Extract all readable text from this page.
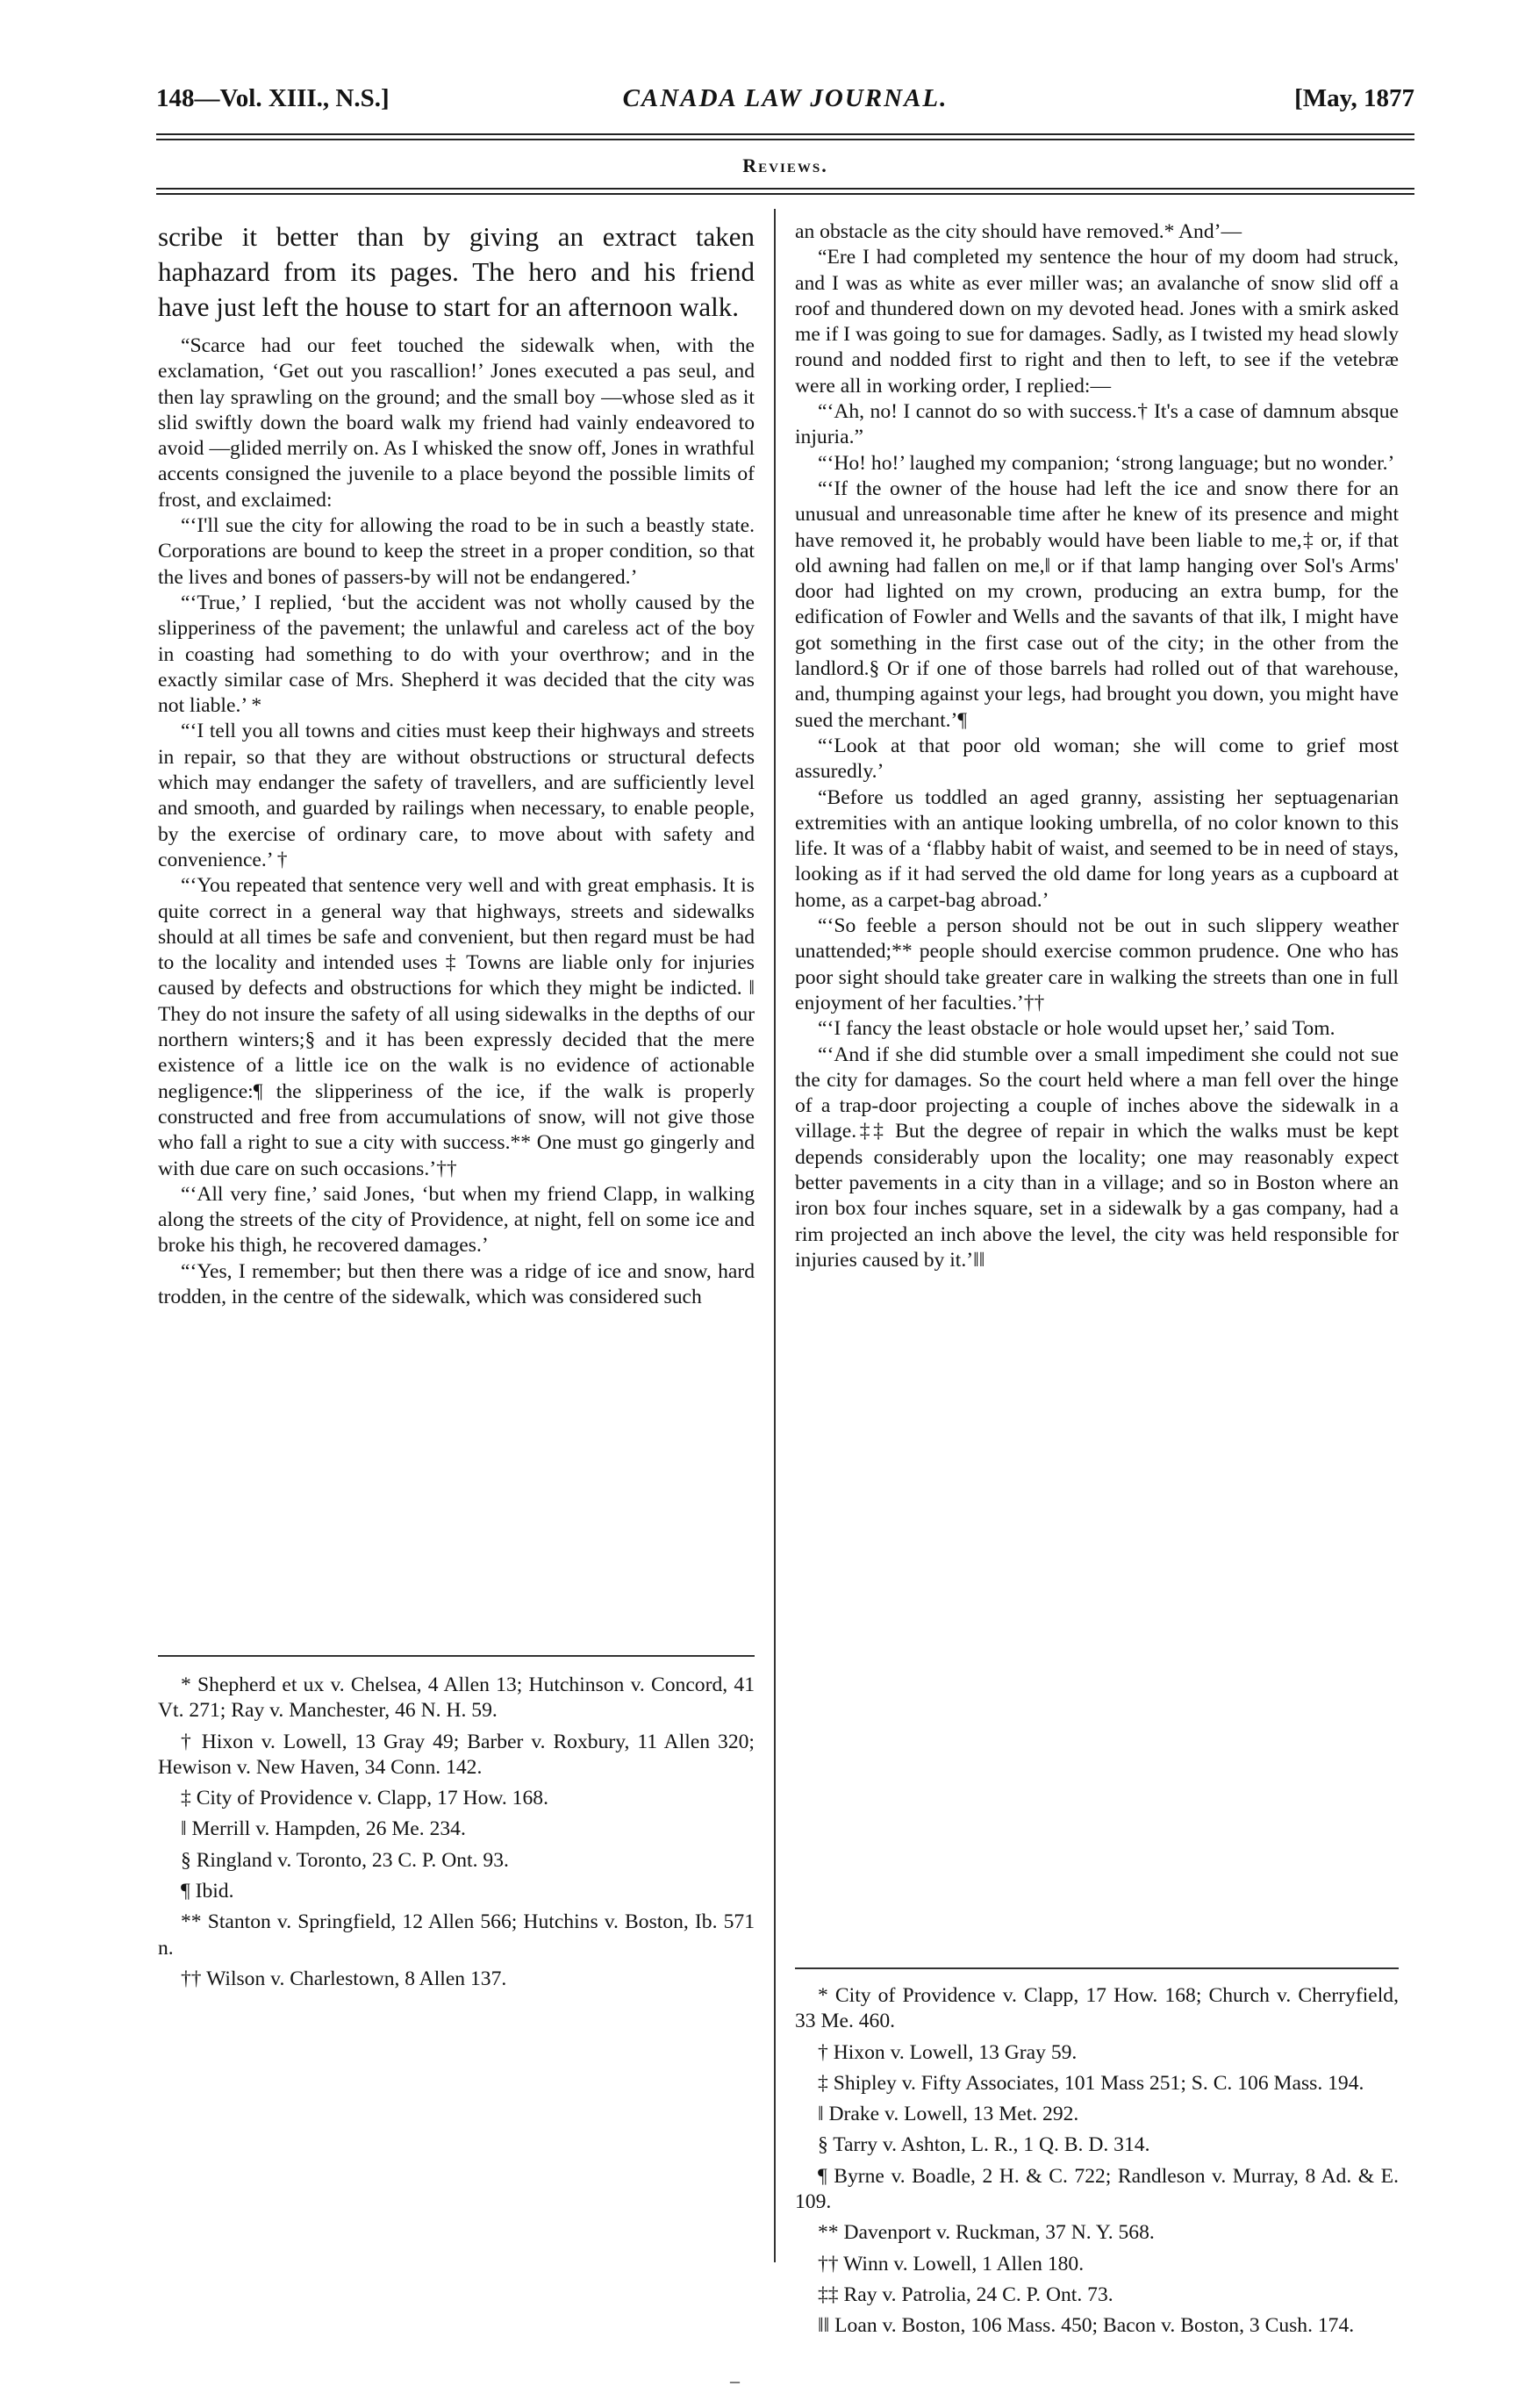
148—Vol. XIII., N.S.]	CANADA LAW JOURNAL.	[May, 1877
Reviews.

scribe it better than by giving an extract taken haphazard from its pages. The hero and his friend have just left the house to start for an afternoon walk.

“Scarce had our feet touched the sidewalk when, with the exclamation, ‘Get out you rascallion!’ Jones executed a pas seul, and then lay sprawling on the ground; and the small boy —whose sled as it slid swiftly down the board walk my friend had vainly endeavored to avoid —glided merrily on. As I whisked the snow off, Jones in wrathful accents consigned the juvenile to a place beyond the possible limits of frost, and exclaimed:

“‘I'll sue the city for allowing the road to be in such a beastly state. Corporations are bound to keep the street in a proper condition, so that the lives and bones of passers-by will not be endangered.’

“‘True,’ I replied, ‘but the accident was not wholly caused by the slipperiness of the pavement; the unlawful and careless act of the boy in coasting had something to do with your overthrow; and in the exactly similar case of Mrs. Shepherd it was decided that the city was not liable.’ *

“‘I tell you all towns and cities must keep their highways and streets in repair, so that they are without obstructions or structural defects which may endanger the safety of travellers, and are sufficiently level and smooth, and guarded by railings when necessary, to enable people, by the exercise of ordinary care, to move about with safety and convenience.’ †

“‘You repeated that sentence very well and with great emphasis. It is quite correct in a general way that highways, streets and sidewalks should at all times be safe and convenient, but then regard must be had to the locality and intended uses ‡ Towns are liable only for injuries caused by defects and obstructions for which they might be indicted. ‖ They do not insure the safety of all using sidewalks in the depths of our northern winters;§ and it has been expressly decided that the mere existence of a little ice on the walk is no evidence of actionable negligence:¶ the slipperiness of the ice, if the walk is properly constructed and free from accumulations of snow, will not give those who fall a right to sue a city with success.** One must go gingerly and with due care on such occasions.’††

“‘All very fine,’ said Jones, ‘but when my friend Clapp, in walking along the streets of the city of Providence, at night, fell on some ice and broke his thigh, he recovered damages.’

“‘Yes, I remember; but then there was a ridge of ice and snow, hard trodden, in the centre of the sidewalk, which was considered such

an obstacle as the city should have removed.* And’—

“Ere I had completed my sentence the hour of my doom had struck, and I was as white as ever miller was; an avalanche of snow slid off a roof and thundered down on my devoted head. Jones with a smirk asked me if I was going to sue for damages. Sadly, as I twisted my head slowly round and nodded first to right and then to left, to see if the vetebræ were all in working order, I replied:—

“‘Ah, no! I cannot do so with success.† It's a case of damnum absque injuria.”

“‘Ho! ho!’ laughed my companion; ‘strong language; but no wonder.’

“‘If the owner of the house had left the ice and snow there for an unusual and unreasonable time after he knew of its presence and might have removed it, he probably would have been liable to me,‡ or, if that old awning had fallen on me,‖ or if that lamp hanging over Sol's Arms' door had lighted on my crown, producing an extra bump, for the edification of Fowler and Wells and the savants of that ilk, I might have got something in the first case out of the city; in the other from the landlord.§ Or if one of those barrels had rolled out of that warehouse, and, thumping against your legs, had brought you down, you might have sued the merchant.’¶

“‘Look at that poor old woman; she will come to grief most assuredly.’

“Before us toddled an aged granny, assisting her septuagenarian extremities with an antique looking umbrella, of no color known to this life. It was of a ‘flabby habit of waist, and seemed to be in need of stays, looking as if it had served the old dame for long years as a cupboard at home, as a carpet-bag abroad.’

“‘So feeble a person should not be out in such slippery weather unattended;** people should exercise common prudence. One who has poor sight should take greater care in walking the streets than one in full enjoyment of her faculties.’††

“‘I fancy the least obstacle or hole would upset her,’ said Tom.

“‘And if she did stumble over a small impediment she could not sue the city for damages. So the court held where a man fell over the hinge of a trap-door projecting a couple of inches above the sidewalk in a village.‡‡ But the degree of repair in which the walks must be kept depends considerably upon the locality; one may reasonably expect better pavements in a city than in a village; and so in Boston where an iron box four inches square, set in a sidewalk by a gas company, had a rim projected an inch above the level, the city was held responsible for injuries caused by it.’‖‖

* Shepherd et ux v. Chelsea, 4 Allen 13; Hutchinson v. Concord, 41 Vt. 271; Ray v. Manchester, 46 N. H. 59.

† Hixon v. Lowell, 13 Gray 49; Barber v. Roxbury, 11 Allen 320; Hewison v. New Haven, 34 Conn. 142.

‡ City of Providence v. Clapp, 17 How. 168.

‖ Merrill v. Hampden, 26 Me. 234.

§ Ringland v. Toronto, 23 C. P. Ont. 93.

¶ Ibid.

** Stanton v. Springfield, 12 Allen 566; Hutchins v. Boston, Ib. 571 n.

†† Wilson v. Charlestown, 8 Allen 137.

* City of Providence v. Clapp, 17 How. 168; Church v. Cherryfield, 33 Me. 460.

† Hixon v. Lowell, 13 Gray 59.

‡ Shipley v. Fifty Associates, 101 Mass 251; S. C. 106 Mass. 194.

‖ Drake v. Lowell, 13 Met. 292.

§ Tarry v. Ashton, L. R., 1 Q. B. D. 314.

¶ Byrne v. Boadle, 2 H. & C. 722; Randleson v. Murray, 8 Ad. & E. 109.

** Davenport v. Ruckman, 37 N. Y. 568.

†† Winn v. Lowell, 1 Allen 180.

‡‡ Ray v. Patrolia, 24 C. P. Ont. 73.

‖‖ Loan v. Boston, 106 Mass. 450; Bacon v. Boston, 3 Cush. 174.

–
